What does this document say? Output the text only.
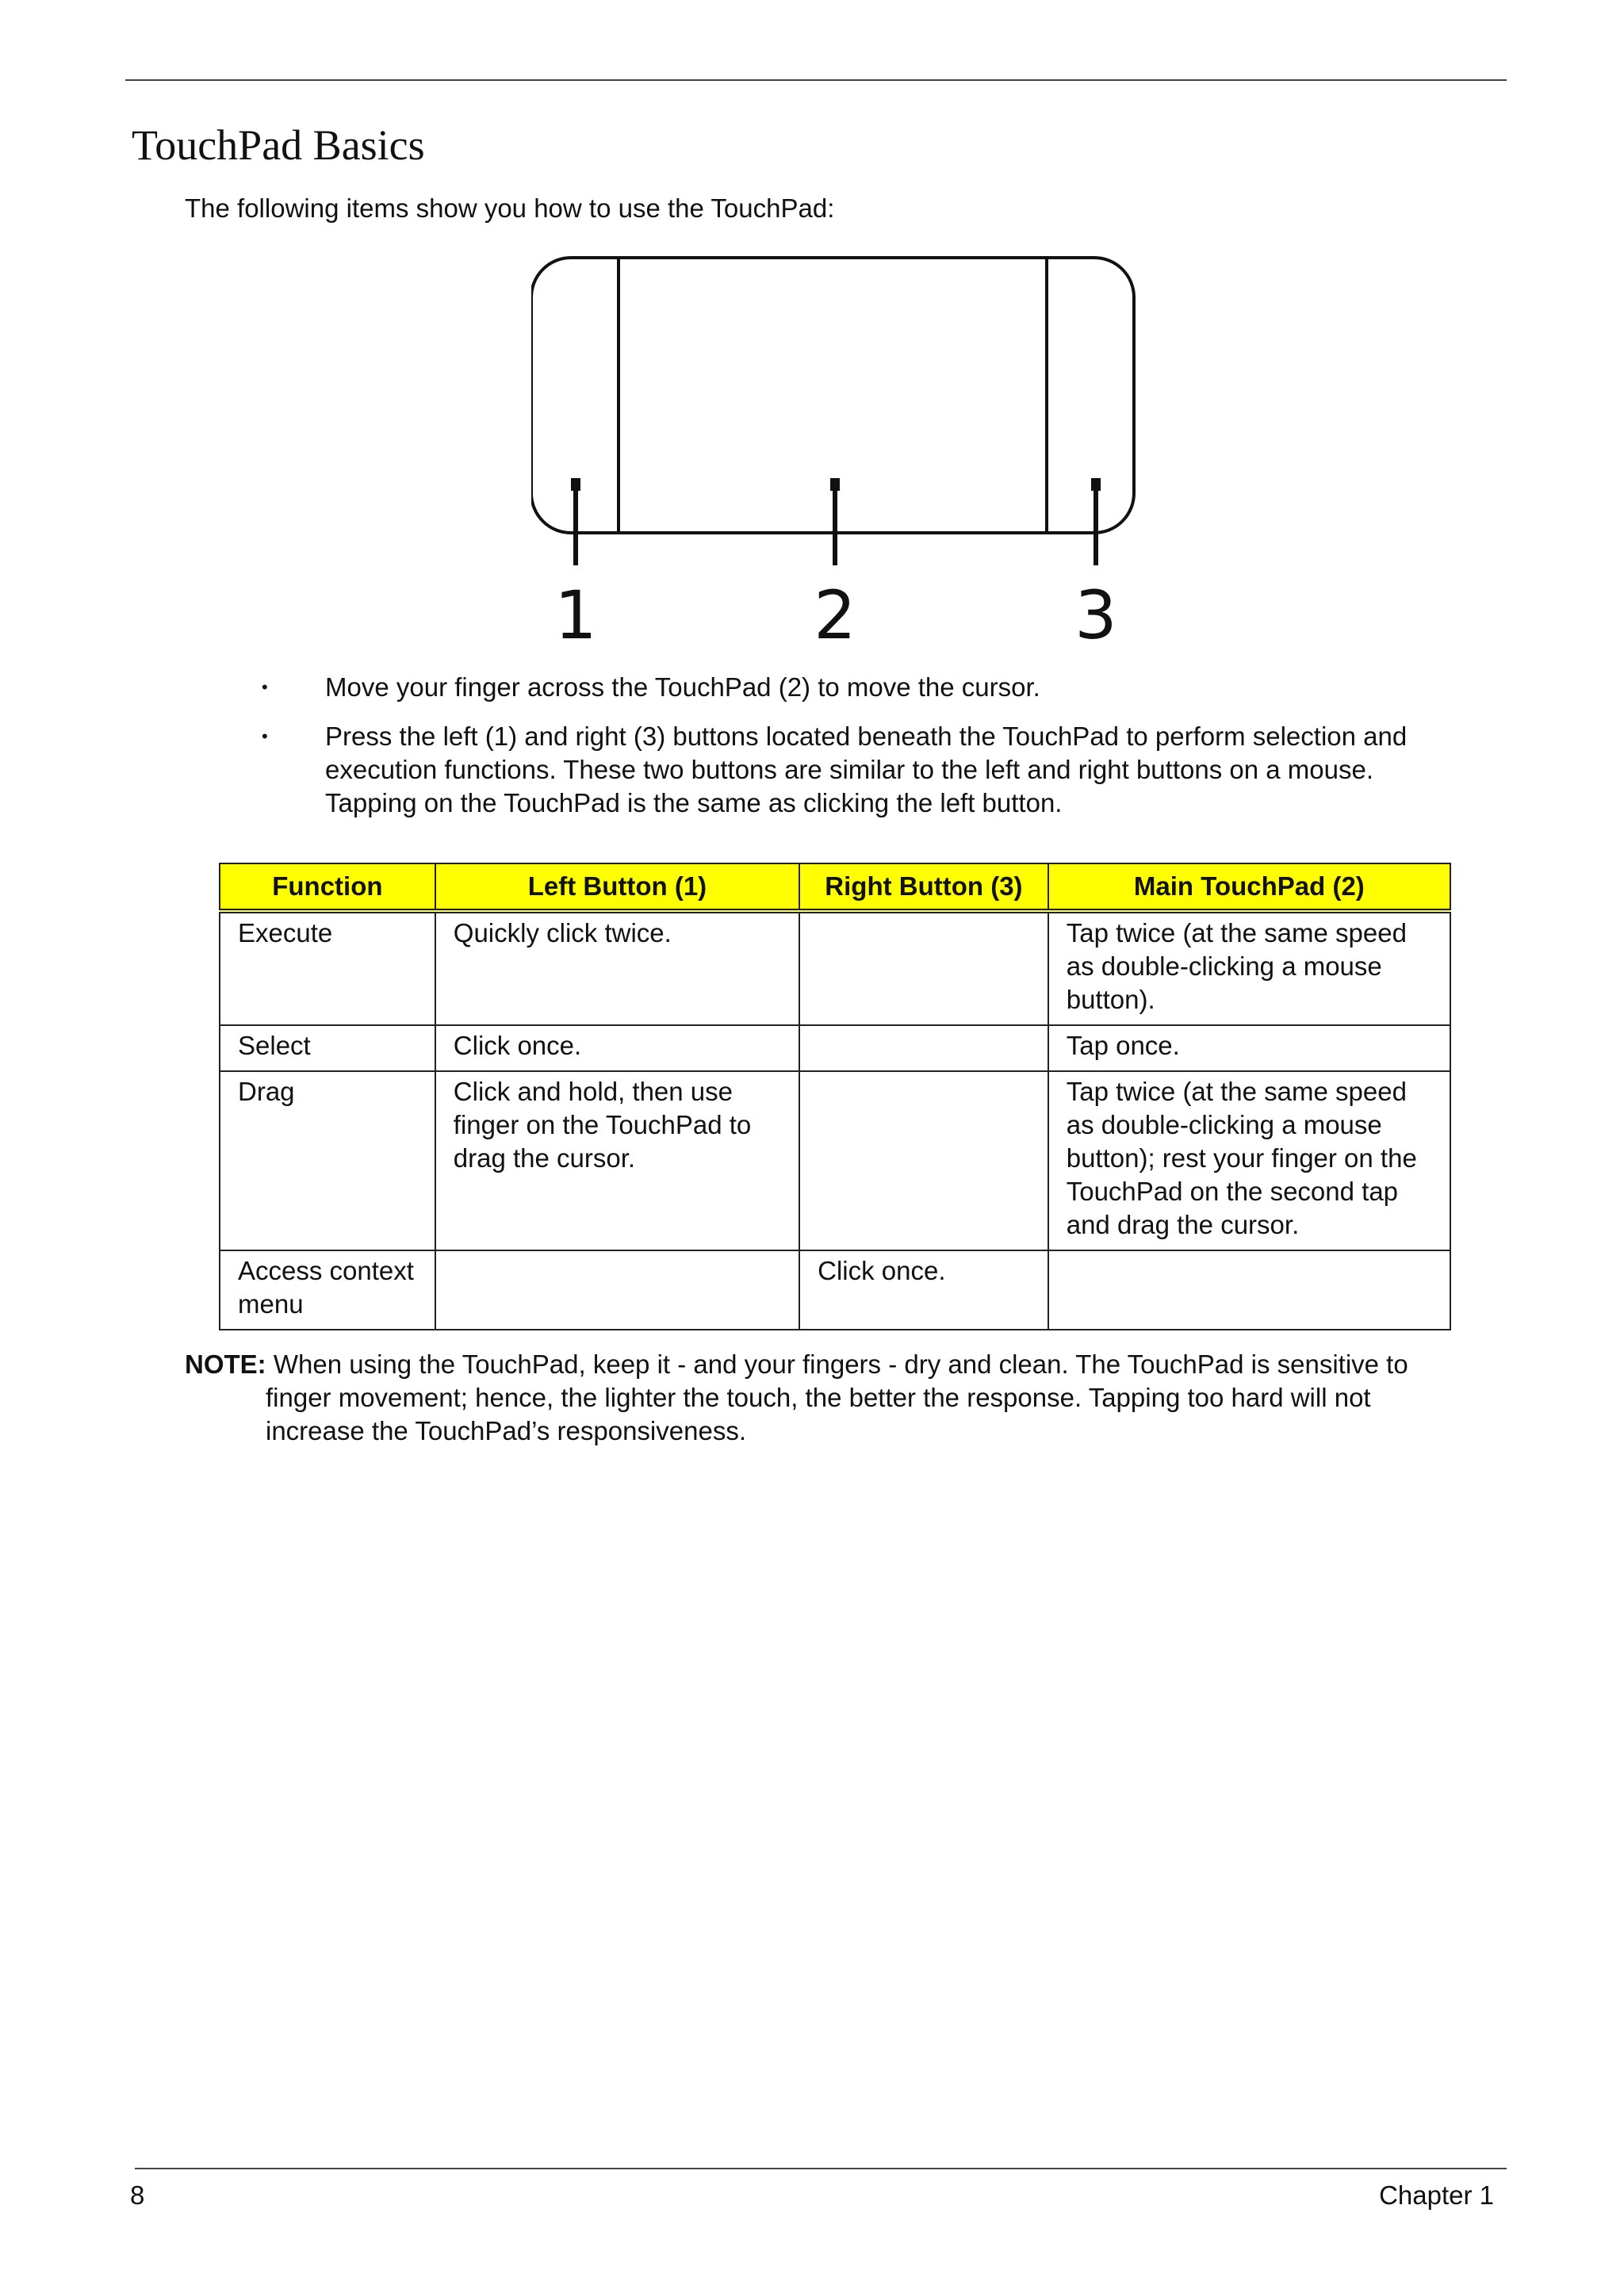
TouchPad Basics

The following items show you how to use the TouchPad:

1	2	3
• Move your finger across the TouchPad (2) to move the cursor.
• Press the left (1) and right (3) buttons located beneath the TouchPad to perform selection and execution functions. These two buttons are similar to the left and right buttons on a mouse. Tapping on the TouchPad is the same as clicking the left button.
Function	Left Button (1)	Right Button (3)	Main TouchPad (2)
Execute	Quickly click twice.		Tap twice (at the same speed as double-clicking a mouse button).
Select	Click once.		Tap once.
Drag	Click and hold, then use finger on the TouchPad to drag the cursor.		Tap twice (at the same speed as double-clicking a mouse button); rest your finger on the TouchPad on the second tap and drag the cursor.
Access context menu		Click once.	

NOTE: When using the TouchPad, keep it - and your fingers - dry and clean. The TouchPad is sensitive to finger movement; hence, the lighter the touch, the better the response. Tapping too hard will not increase the TouchPad’s responsiveness.

8	Chapter 1
